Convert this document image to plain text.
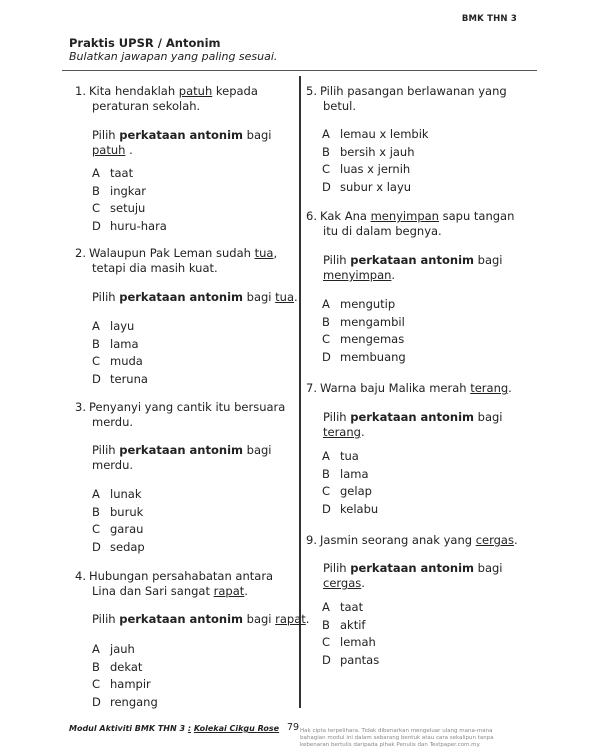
BMK THN 3
Praktis UPSR / Antonim
Bulatkan jawapan yang paling sesuai.
1. Kita hendaklah patuh kepada

peraturan sekolah.

Pilih perkataan antonim bagi
patuh .
A taat
B ingkar
C setuju
D huru-hara
2. Walaupun Pak Leman sudah tua,

tetapi dia masih kuat.

Pilih perkataan antonim bagi tua.
A layu
B lama
C muda
D teruna
3. Penyanyi yang cantik itu bersuara

merdu.

Pilih perkataan antonim bagi
merdu.
A lunak
B buruk
C garau
D sedap
4. Hubungan persahabatan antara

Lina dan Sari sangat rapat.

Pilih perkataan antonim bagi rapat.
A jauh
B dekat
C hampir
D rengang
5. Pilih pasangan berlawanan yang

betul.

A lemau x lembik
B bersih x jauh
C luas x jernih
D subur x layu
6. Kak Ana menyimpan sapu tangan

itu di dalam begnya.

Pilih perkataan antonim bagi
menyimpan.
A mengutip
B mengambil
C mengemas
D membuang
7. Warna baju Malika merah terang.
Pilih perkataan antonim bagi
terang.
A tua
B lama
C gelap
D kelabu
9. Jasmin seorang anak yang cergas.
Pilih perkataan antonim bagi
cergas.
A taat
B aktif
C lemah
D pantas
Modul Aktiviti BMK THN 3 : Kolekai Cikgu Rose 79 Hak cipta terpelihara. Tidak dibenarkan mengeluar ulang mana-mana bahagian modul ini dalam sebarang bentuk atau cara sekalipun tanpa kebenaran bertulis daripada pihak Penulis dan Testpaper.com.my.
